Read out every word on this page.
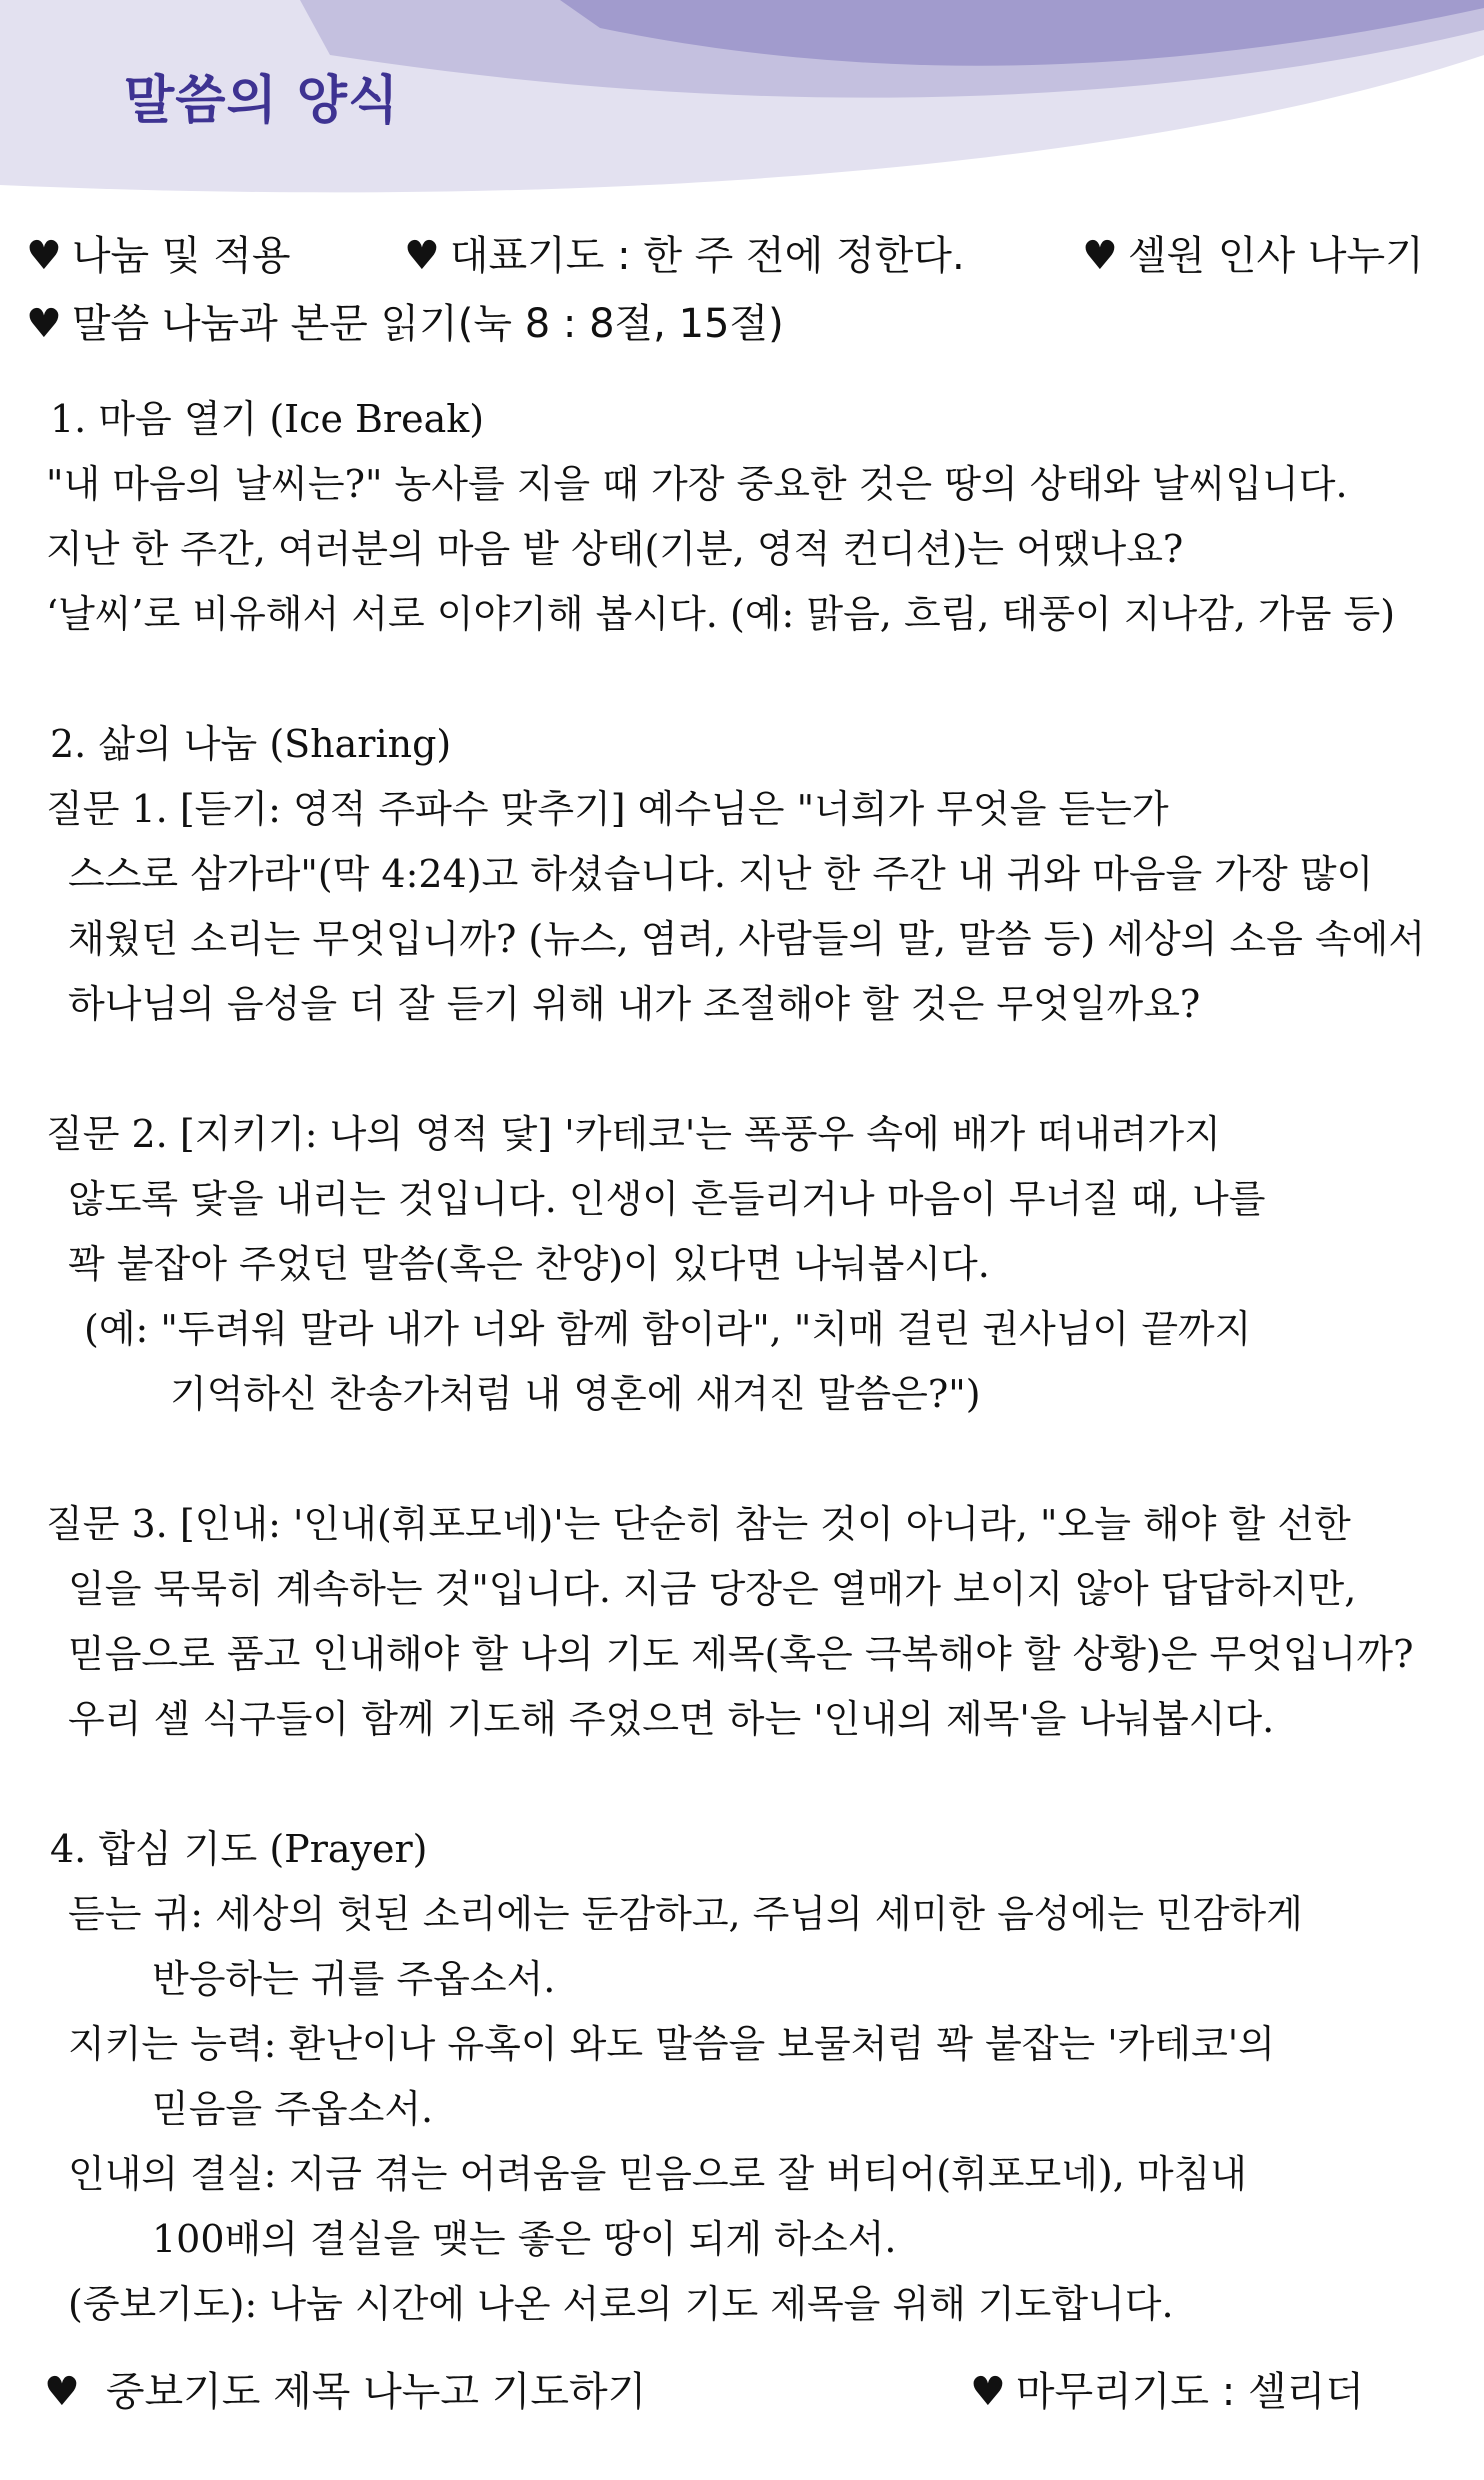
말씀의 양식
♥ 나눔 및 적용	♥ 대표기도 : 한 주 전에 정한다.	♥ 셀원 인사 나누기
♥ 말씀 나눔과 본문 읽기(눅 8 : 8절, 15절)
1. 마음 열기 (Ice Break)
"내 마음의 날씨는?" 농사를 지을 때 가장 중요한 것은 땅의 상태와 날씨입니다.
지난 한 주간, 여러분의 마음 밭 상태(기분, 영적 컨디션)는 어땠나요?
‘날씨’로 비유해서 서로 이야기해 봅시다. (예: 맑음, 흐림, 태풍이 지나감, 가뭄 등)
2. 삶의 나눔 (Sharing)
질문 1. [듣기: 영적 주파수 맞추기] 예수님은 "너희가 무엇을 듣는가
스스로 삼가라"(막 4:24)고 하셨습니다. 지난 한 주간 내 귀와 마음을 가장 많이
채웠던 소리는 무엇입니까? (뉴스, 염려, 사람들의 말, 말씀 등) 세상의 소음 속에서
하나님의 음성을 더 잘 듣기 위해 내가 조절해야 할 것은 무엇일까요?
질문 2. [지키기: 나의 영적 닻] '카테코'는 폭풍우 속에 배가 떠내려가지
않도록 닻을 내리는 것입니다. 인생이 흔들리거나 마음이 무너질 때, 나를
꽉 붙잡아 주었던 말씀(혹은 찬양)이 있다면 나눠봅시다.
(예: "두려워 말라 내가 너와 함께 함이라", "치매 걸린 권사님이 끝까지
기억하신 찬송가처럼 내 영혼에 새겨진 말씀은?")
질문 3. [인내: '인내(휘포모네)'는 단순히 참는 것이 아니라, "오늘 해야 할 선한
일을 묵묵히 계속하는 것"입니다. 지금 당장은 열매가 보이지 않아 답답하지만,
믿음으로 품고 인내해야 할 나의 기도 제목(혹은 극복해야 할 상황)은 무엇입니까?
우리 셀 식구들이 함께 기도해 주었으면 하는 '인내의 제목'을 나눠봅시다.
4. 합심 기도 (Prayer)
듣는 귀: 세상의 헛된 소리에는 둔감하고, 주님의 세미한 음성에는 민감하게
반응하는 귀를 주옵소서.
지키는 능력: 환난이나 유혹이 와도 말씀을 보물처럼 꽉 붙잡는 '카테코'의
믿음을 주옵소서.
인내의 결실: 지금 겪는 어려움을 믿음으로 잘 버티어(휘포모네), 마침내
100배의 결실을 맺는 좋은 땅이 되게 하소서.
(중보기도): 나눔 시간에 나온 서로의 기도 제목을 위해 기도합니다.
♥ 중보기도 제목 나누고 기도하기	♥ 마무리기도 : 셀리더
